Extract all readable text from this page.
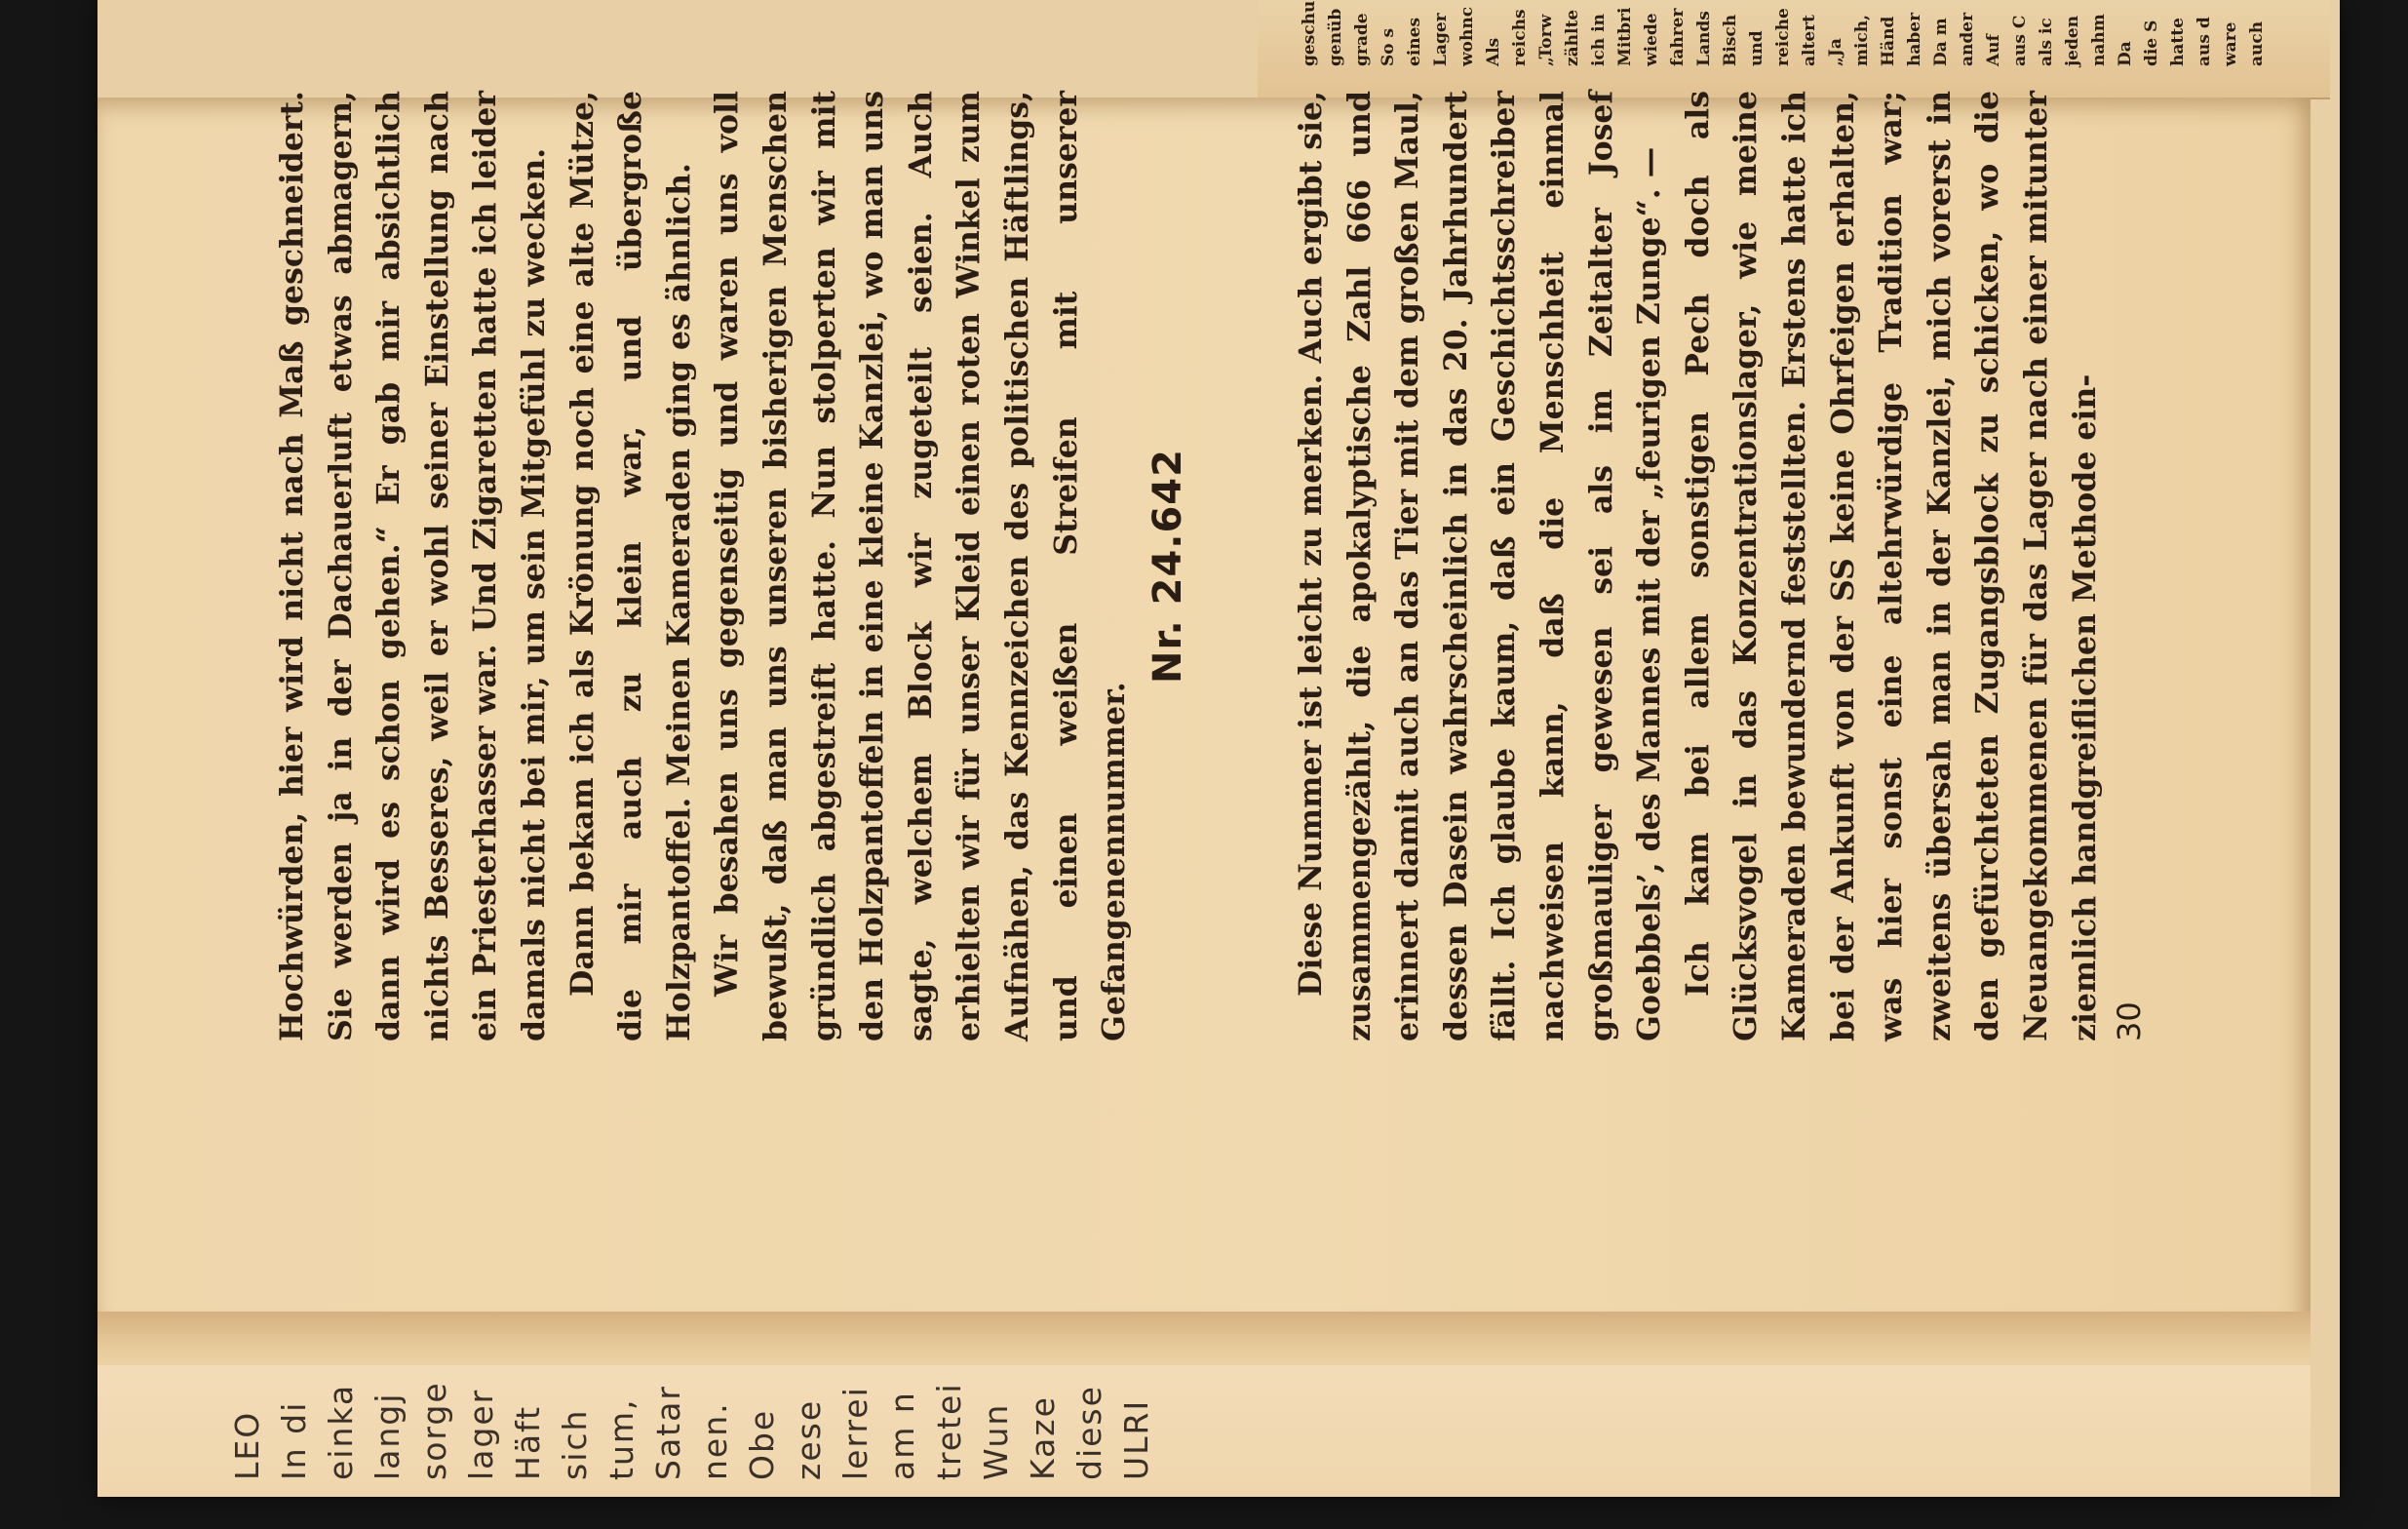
Hochwürden, hier wird nicht nach Maß geschneidert. Sie werden ja in der Dachauerluft etwas abmagern, dann wird es schon gehen.“ Er gab mir absichtlich nichts Besseres, weil er wohl seiner Einstellung nach ein Priesterhasser war. Und Zigaretten hatte ich leider damals nicht bei mir, um sein Mitgefühl zu wecken. Dann bekam ich als Krönung noch eine alte Mütze, die mir auch zu klein war, und übergroße Holzpantoffel. Meinen Kameraden ging es ähnlich. Wir besahen uns gegenseitig und waren uns voll bewußt, daß man uns unseren bisherigen Menschen gründlich abgestreift hatte. Nun stolperten wir mit den Holzpantoffeln in eine kleine Kanzlei, wo man uns sagte, welchem Block wir zugeteilt seien. Auch erhielten wir für unser Kleid einen roten Winkel zum Aufnähen, das Kennzeichen des politischen Häftlings, und einen weißen Streifen mit unserer Gefangenennummer.

Nr. 24.642	Diese Nummer ist leicht zu merken. Auch ergibt sie, zusammengezählt, die apokalyptische Zahl 666 und erinnert damit auch an das Tier mit dem großen Maul, dessen Dasein wahrscheinlich in das 20. Jahrhundert fällt. Ich glaube kaum, daß ein Geschichtsschreiber nachweisen kann, daß die Menschheit einmal großmauliger gewesen sei als im Zeitalter Josef Goebbels’, des Mannes mit der „feurigen Zunge“. — Ich kam bei allem sonstigen Pech doch als Glücksvogel in das Konzentrationslager, wie meine Kameraden bewundernd feststellten. Erstens hatte ich bei der Ankunft von der SS keine Ohrfeigen erhalten, was hier sonst eine altehrwürdige Tradition war; zweitens übersah man in der Kanzlei, mich vorerst in den gefürchteten Zugangsblock zu schicken, wo die Neuangekommenen für das Lager nach einer mitunter ziemlich handgreiflichen Methode ein- 30
geschu genüb grade So s eines Lager wohnc Als reichs „Torw zählte ich in Mitbri wiede fahrer Lands Bisch und reiche altert „Ja mich, Händ haber Da m ander Auf aus C als ic jeden nahm Da die S hatte aus d ware auch
LEO In di einka langj sorge lager Häft sich tum, Satar nen. Obe zese lerrei am n tretei Wun Kaze diese ULRI
